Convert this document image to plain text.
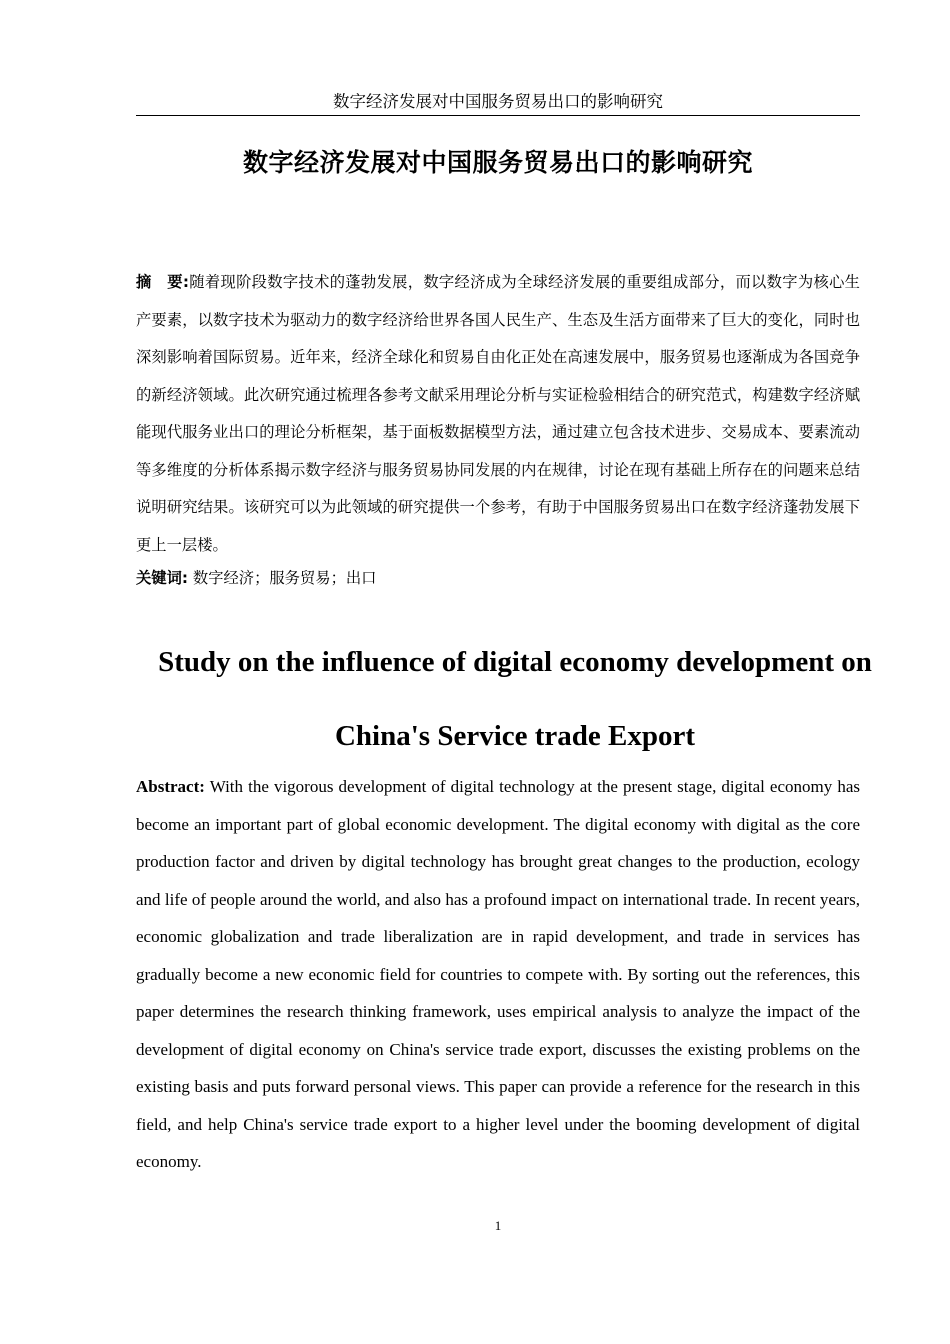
数字经济发展对中国服务贸易出口的影响研究
数字经济发展对中国服务贸易出口的影响研究
摘　要:随着现阶段数字技术的蓬勃发展，数字经济成为全球经济发展的重要组成部分，而以数字为核心生产要素，以数字技术为驱动力的数字经济给世界各国人民生产、生态及生活方面带来了巨大的变化，同时也深刻影响着国际贸易。近年来，经济全球化和贸易自由化正处在高速发展中，服务贸易也逐渐成为各国竞争的新经济领域。此次研究通过梳理各参考文献采用理论分析与实证检验相结合的研究范式，构建数字经济赋能现代服务业出口的理论分析框架，基于面板数据模型方法，通过建立包含技术进步、交易成本、要素流动等多维度的分析体系揭示数字经济与服务贸易协同发展的内在规律，讨论在现有基础上所存在的问题来总结说明研究结果。该研究可以为此领域的研究提供一个参考，有助于中国服务贸易出口在数字经济蓬勃发展下更上一层楼。
关键词: 数字经济；服务贸易；出口
Study on the influence of digital economy development on China's Service trade Export
Abstract: With the vigorous development of digital technology at the present stage, digital economy has become an important part of global economic development. The digital economy with digital as the core production factor and driven by digital technology has brought great changes to the production, ecology and life of people around the world, and also has a profound impact on international trade. In recent years, economic globalization and trade liberalization are in rapid development, and trade in services has gradually become a new economic field for countries to compete with. By sorting out the references, this paper determines the research thinking framework, uses empirical analysis to analyze the impact of the development of digital economy on China's service trade export, discusses the existing problems on the existing basis and puts forward personal views. This paper can provide a reference for the research in this field, and help China's service trade export to a higher level under the booming development of digital economy.
1
